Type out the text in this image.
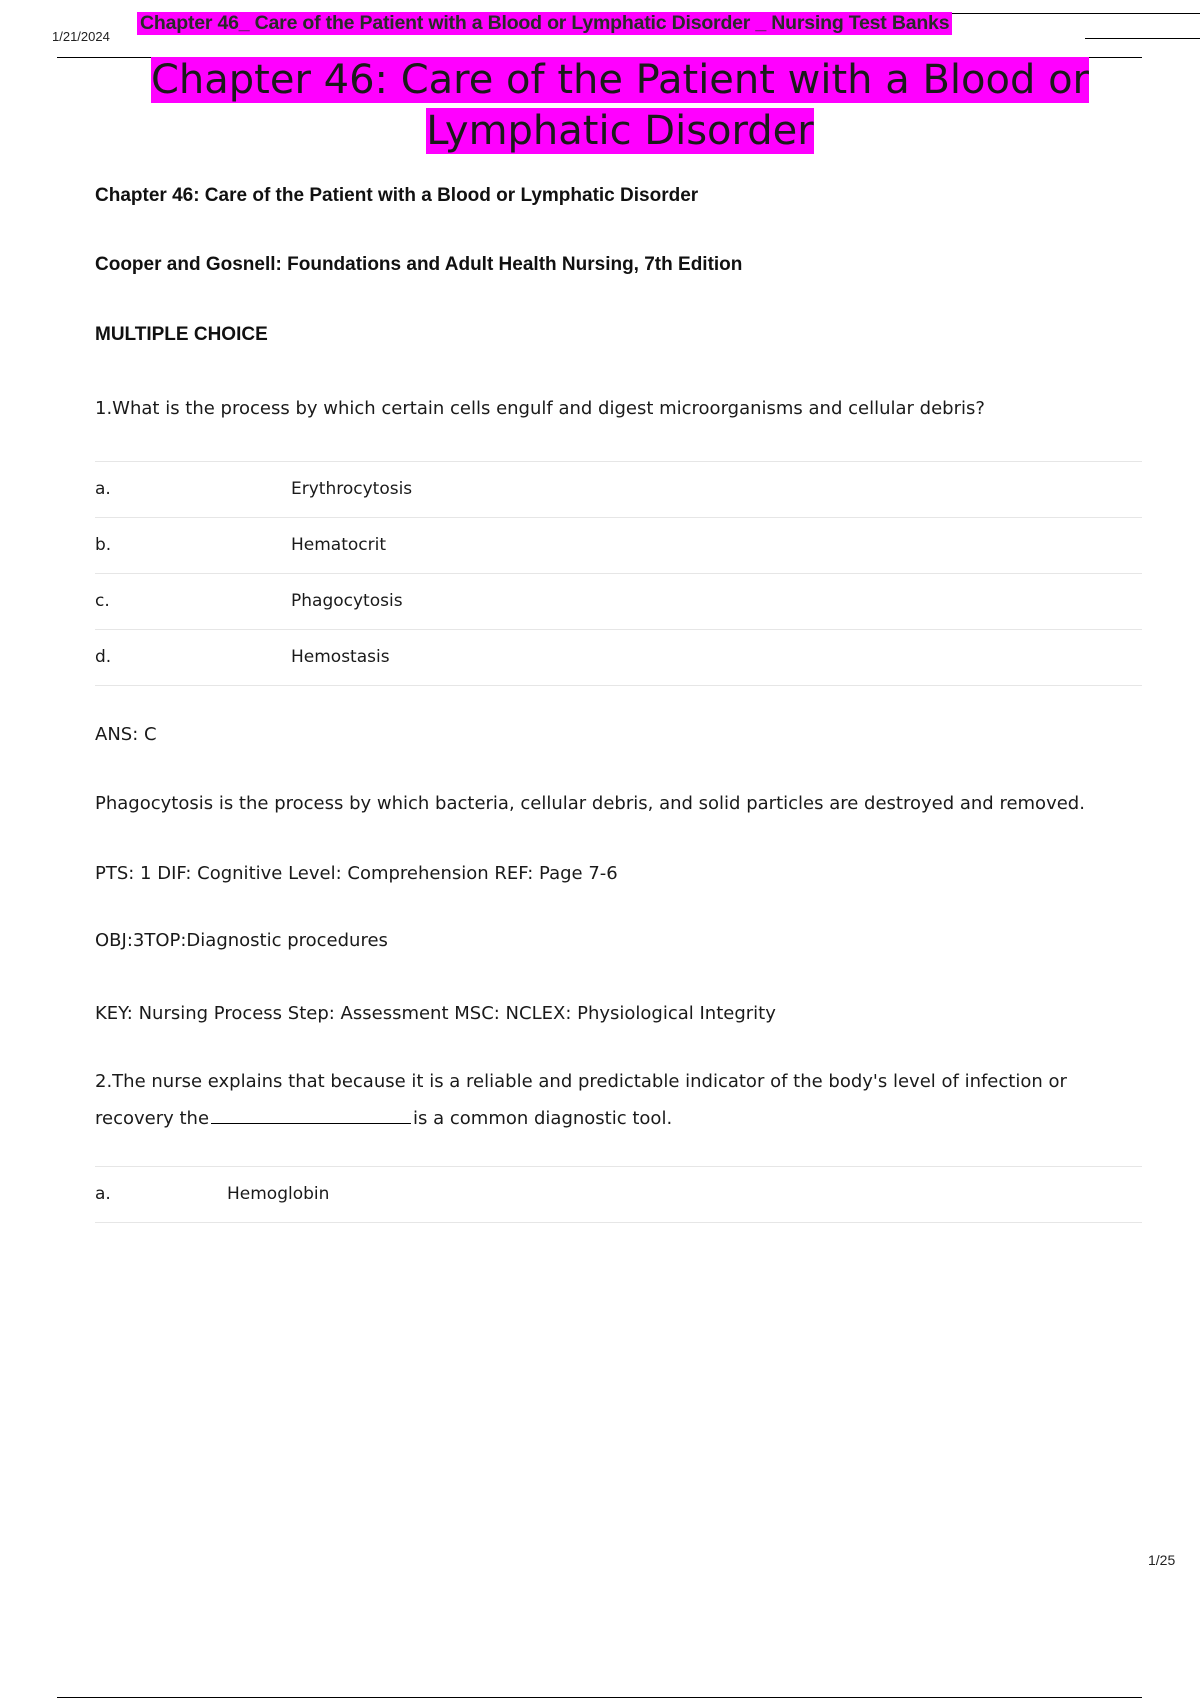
1/21/2024
Chapter 46_ Care of the Patient with a Blood or Lymphatic Disorder _ Nursing Test Banks
Chapter 46: Care of the Patient with a Blood or
Lymphatic Disorder
Chapter 46: Care of the Patient with a Blood or Lymphatic Disorder
Cooper and Gosnell: Foundations and Adult Health Nursing, 7th Edition
MULTIPLE CHOICE
1.What is the process by which certain cells engulf and digest microorganisms and cellular debris?
a.	Erythrocytosis
b.	Hematocrit
c.	Phagocytosis
d.	Hemostasis
ANS: C
Phagocytosis is the process by which bacteria, cellular debris, and solid particles are destroyed and removed.
PTS: 1 DIF: Cognitive Level: Comprehension REF: Page 7-6
OBJ:3TOP:Diagnostic procedures
KEY: Nursing Process Step: Assessment MSC: NCLEX: Physiological Integrity
2.The nurse explains that because it is a reliable and predictable indicator of the body's level of infection or
recovery the	is a common diagnostic tool.
a.	Hemoglobin
1/25
